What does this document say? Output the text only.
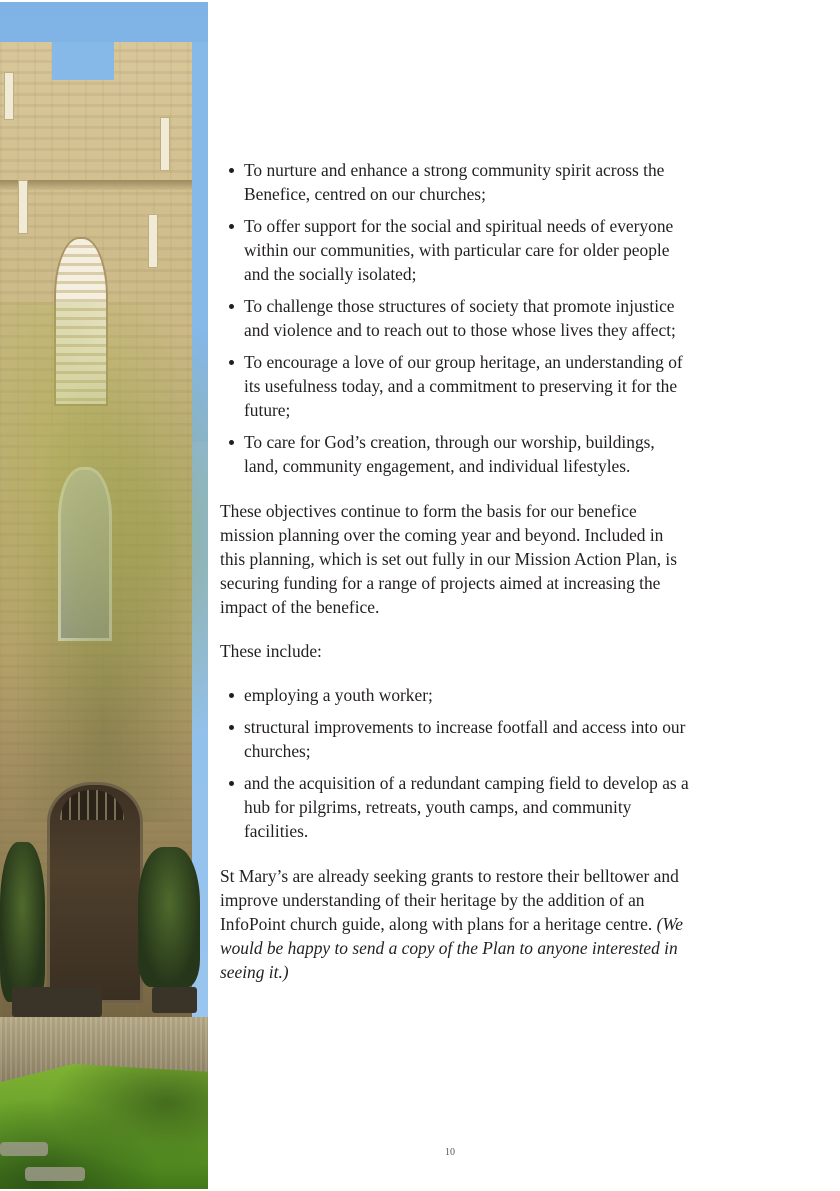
To nurture and enhance a strong community spirit across the Benefice, centred on our churches;
To offer support for the social and spiritual needs of everyone within our communities, with particular care for older people and the socially isolated;
To challenge those structures of society that promote injustice and violence and to reach out to those whose lives they affect;
To encourage a love of our group heritage, an understanding of its usefulness today, and a commitment to preserving it for the future;
To care for God’s creation, through our worship, buildings, land, community engagement, and individual lifestyles.

These objectives continue to form the basis for our benefice mission planning over the coming year and beyond. Included in this planning, which is set out fully in our Mission Action Plan, is securing funding for a range of projects aimed at increasing the impact of the benefice.

These include:

employing a youth worker;
structural improvements to increase footfall and access into our churches;
and the acquisition of a redundant camping field to develop as a hub for pilgrims, retreats, youth camps, and community facilities.

St Mary’s are already seeking grants to restore their belltower and improve understanding of their heritage by the addition of an InfoPoint church guide, along with plans for a heritage centre. (We would be happy to send a copy of the Plan to anyone interested in seeing it.)

10
